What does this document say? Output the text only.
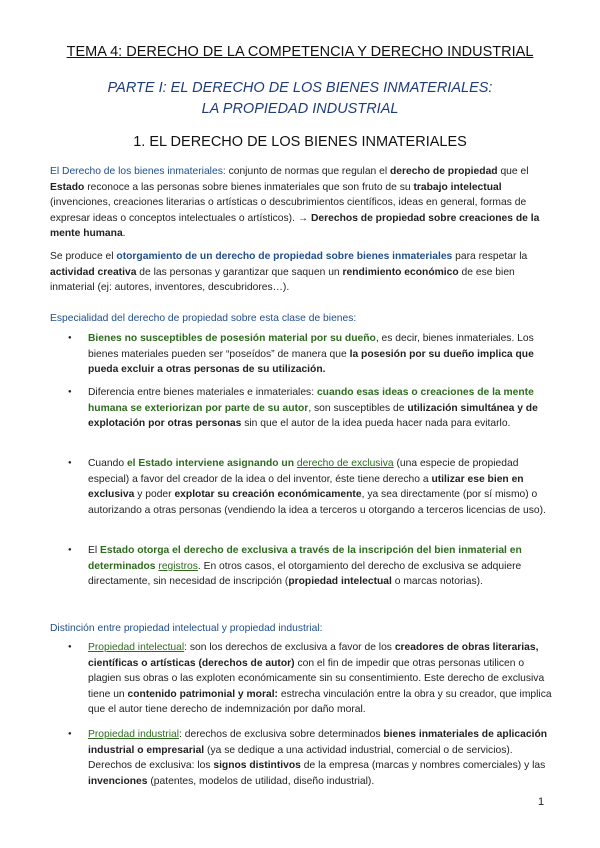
TEMA 4: DERECHO DE LA COMPETENCIA Y DERECHO INDUSTRIAL
PARTE I: EL DERECHO DE LOS BIENES INMATERIALES:
LA PROPIEDAD INDUSTRIAL
1. EL DERECHO DE LOS BIENES INMATERIALES

El Derecho de los bienes inmateriales: conjunto de normas que regulan el derecho de propiedad que el Estado reconoce a las personas sobre bienes inmateriales que son fruto de su trabajo intelectual (invenciones, creaciones literarias o artísticas o descubrimientos científicos, ideas en general, formas de expresar ideas o conceptos intelectuales o artísticos). → Derechos de propiedad sobre creaciones de la mente humana.

Se produce el otorgamiento de un derecho de propiedad sobre bienes inmateriales para respetar la actividad creativa de las personas y garantizar que saquen un rendimiento económico de ese bien inmaterial (ej: autores, inventores, descubridores…).

Especialidad del derecho de propiedad sobre esta clase de bienes:
● Bienes no susceptibles de posesión material por su dueño, es decir, bienes inmateriales. Los bienes materiales pueden ser “poseídos” de manera que la posesión por su dueño implica que pueda excluir a otras personas de su utilización.
● Diferencia entre bienes materiales e inmateriales: cuando esas ideas o creaciones de la mente humana se exteriorizan por parte de su autor, son susceptibles de utilización simultánea y de explotación por otras personas sin que el autor de la idea pueda hacer nada para evitarlo.
● Cuando el Estado interviene asignando un derecho de exclusiva (una especie de propiedad especial) a favor del creador de la idea o del inventor, éste tiene derecho a utilizar ese bien en exclusiva y poder explotar su creación económicamente, ya sea directamente (por sí mismo) o autorizando a otras personas (vendiendo la idea a terceros u otorgando a terceros licencias de uso).
● El Estado otorga el derecho de exclusiva a través de la inscripción del bien inmaterial en determinados registros. En otros casos, el otorgamiento del derecho de exclusiva se adquiere directamente, sin necesidad de inscripción (propiedad intelectual o marcas notorias).
Distinción entre propiedad intelectual y propiedad industrial:
● Propiedad intelectual: son los derechos de exclusiva a favor de los creadores de obras literarias, científicas o artísticas (derechos de autor) con el fin de impedir que otras personas utilicen o plagien sus obras o las exploten económicamente sin su consentimiento. Este derecho de exclusiva tiene un contenido patrimonial y moral: estrecha vinculación entre la obra y su creador, que implica que el autor tiene derecho de indemnización por daño moral.
● Propiedad industrial: derechos de exclusiva sobre determinados bienes inmateriales de aplicación industrial o empresarial (ya se dedique a una actividad industrial, comercial o de servicios). Derechos de exclusiva: los signos distintivos de la empresa (marcas y nombres comerciales) y las invenciones (patentes, modelos de utilidad, diseño industrial).
1
